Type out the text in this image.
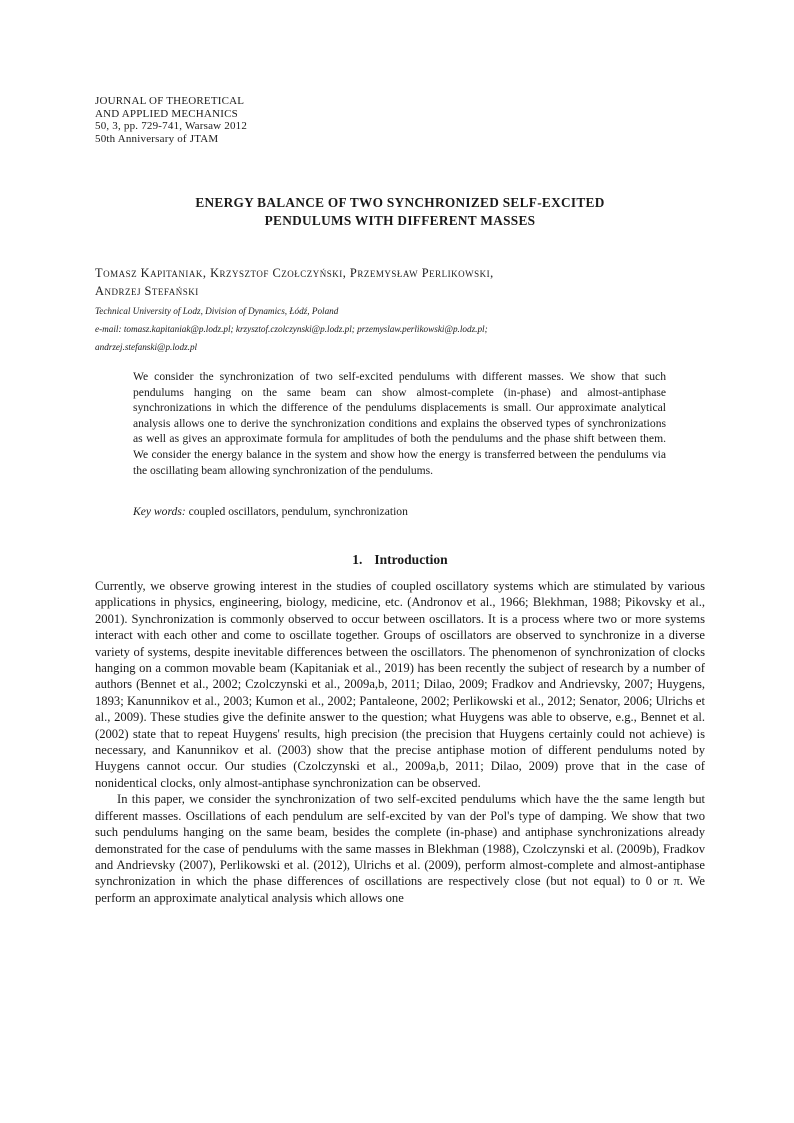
JOURNAL OF THEORETICAL
AND APPLIED MECHANICS
50, 3, pp. 729-741, Warsaw 2012
50th Anniversary of JTAM
ENERGY BALANCE OF TWO SYNCHRONIZED SELF-EXCITED
PENDULUMS WITH DIFFERENT MASSES
Tomasz Kapitaniak, Krzysztof Czołczyński, Przemysław Perlikowski,
Andrzej Stefański
Technical University of Lodz, Division of Dynamics, Łódź, Poland
e-mail: tomasz.kapitaniak@p.lodz.pl; krzysztof.czolczynski@p.lodz.pl; przemyslaw.perlikowski@p.lodz.pl;
andrzej.stefanski@p.lodz.pl

We consider the synchronization of two self-excited pendulums with different masses. We show that such pendulums hanging on the same beam can show almost-complete (in-phase) and almost-antiphase synchronizations in which the difference of the pendulums displacements is small. Our approximate analytical analysis allows one to derive the synchronization conditions and explains the observed types of synchronizations as well as gives an approximate formula for amplitudes of both the pendulums and the phase shift between them. We consider the energy balance in the system and show how the energy is transferred between the pendulums via the oscillating beam allowing synchronization of the pendulums.

Key words: coupled oscillators, pendulum, synchronization
1. Introduction

Currently, we observe growing interest in the studies of coupled oscillatory systems which are stimulated by various applications in physics, engineering, biology, medicine, etc. (Andronov et al., 1966; Blekhman, 1988; Pikovsky et al., 2001). Synchronization is commonly observed to occur between oscillators. It is a process where two or more systems interact with each other and come to oscillate together. Groups of oscillators are observed to synchronize in a diverse variety of systems, despite inevitable differences between the oscillators. The phenomenon of synchronization of clocks hanging on a common movable beam (Kapitaniak et al., 2019) has been recently the subject of research by a number of authors (Bennet et al., 2002; Czolczynski et al., 2009a,b, 2011; Dilao, 2009; Fradkov and Andrievsky, 2007; Huygens, 1893; Kanunnikov et al., 2003; Kumon et al., 2002; Pantaleone, 2002; Perlikowski et al., 2012; Senator, 2006; Ulrichs et al., 2009). These studies give the definite answer to the question; what Huygens was able to observe, e.g., Bennet et al. (2002) state that to repeat Huygens' results, high precision (the precision that Huygens certainly could not achieve) is necessary, and Kanunnikov et al. (2003) show that the precise antiphase motion of different pendulums noted by Huygens cannot occur. Our studies (Czolczynski et al., 2009a,b, 2011; Dilao, 2009) prove that in the case of nonidentical clocks, only almost-antiphase synchronization can be observed.

In this paper, we consider the synchronization of two self-excited pendulums which have the the same length but different masses. Oscillations of each pendulum are self-excited by van der Pol's type of damping. We show that two such pendulums hanging on the same beam, besides the complete (in-phase) and antiphase synchronizations already demonstrated for the case of pendulums with the same masses in Blekhman (1988), Czolczynski et al. (2009b), Fradkov and Andrievsky (2007), Perlikowski et al. (2012), Ulrichs et al. (2009), perform almost-complete and almost-antiphase synchronization in which the phase differences of oscillations are respectively close (but not equal) to 0 or π. We perform an approximate analytical analysis which allows one
